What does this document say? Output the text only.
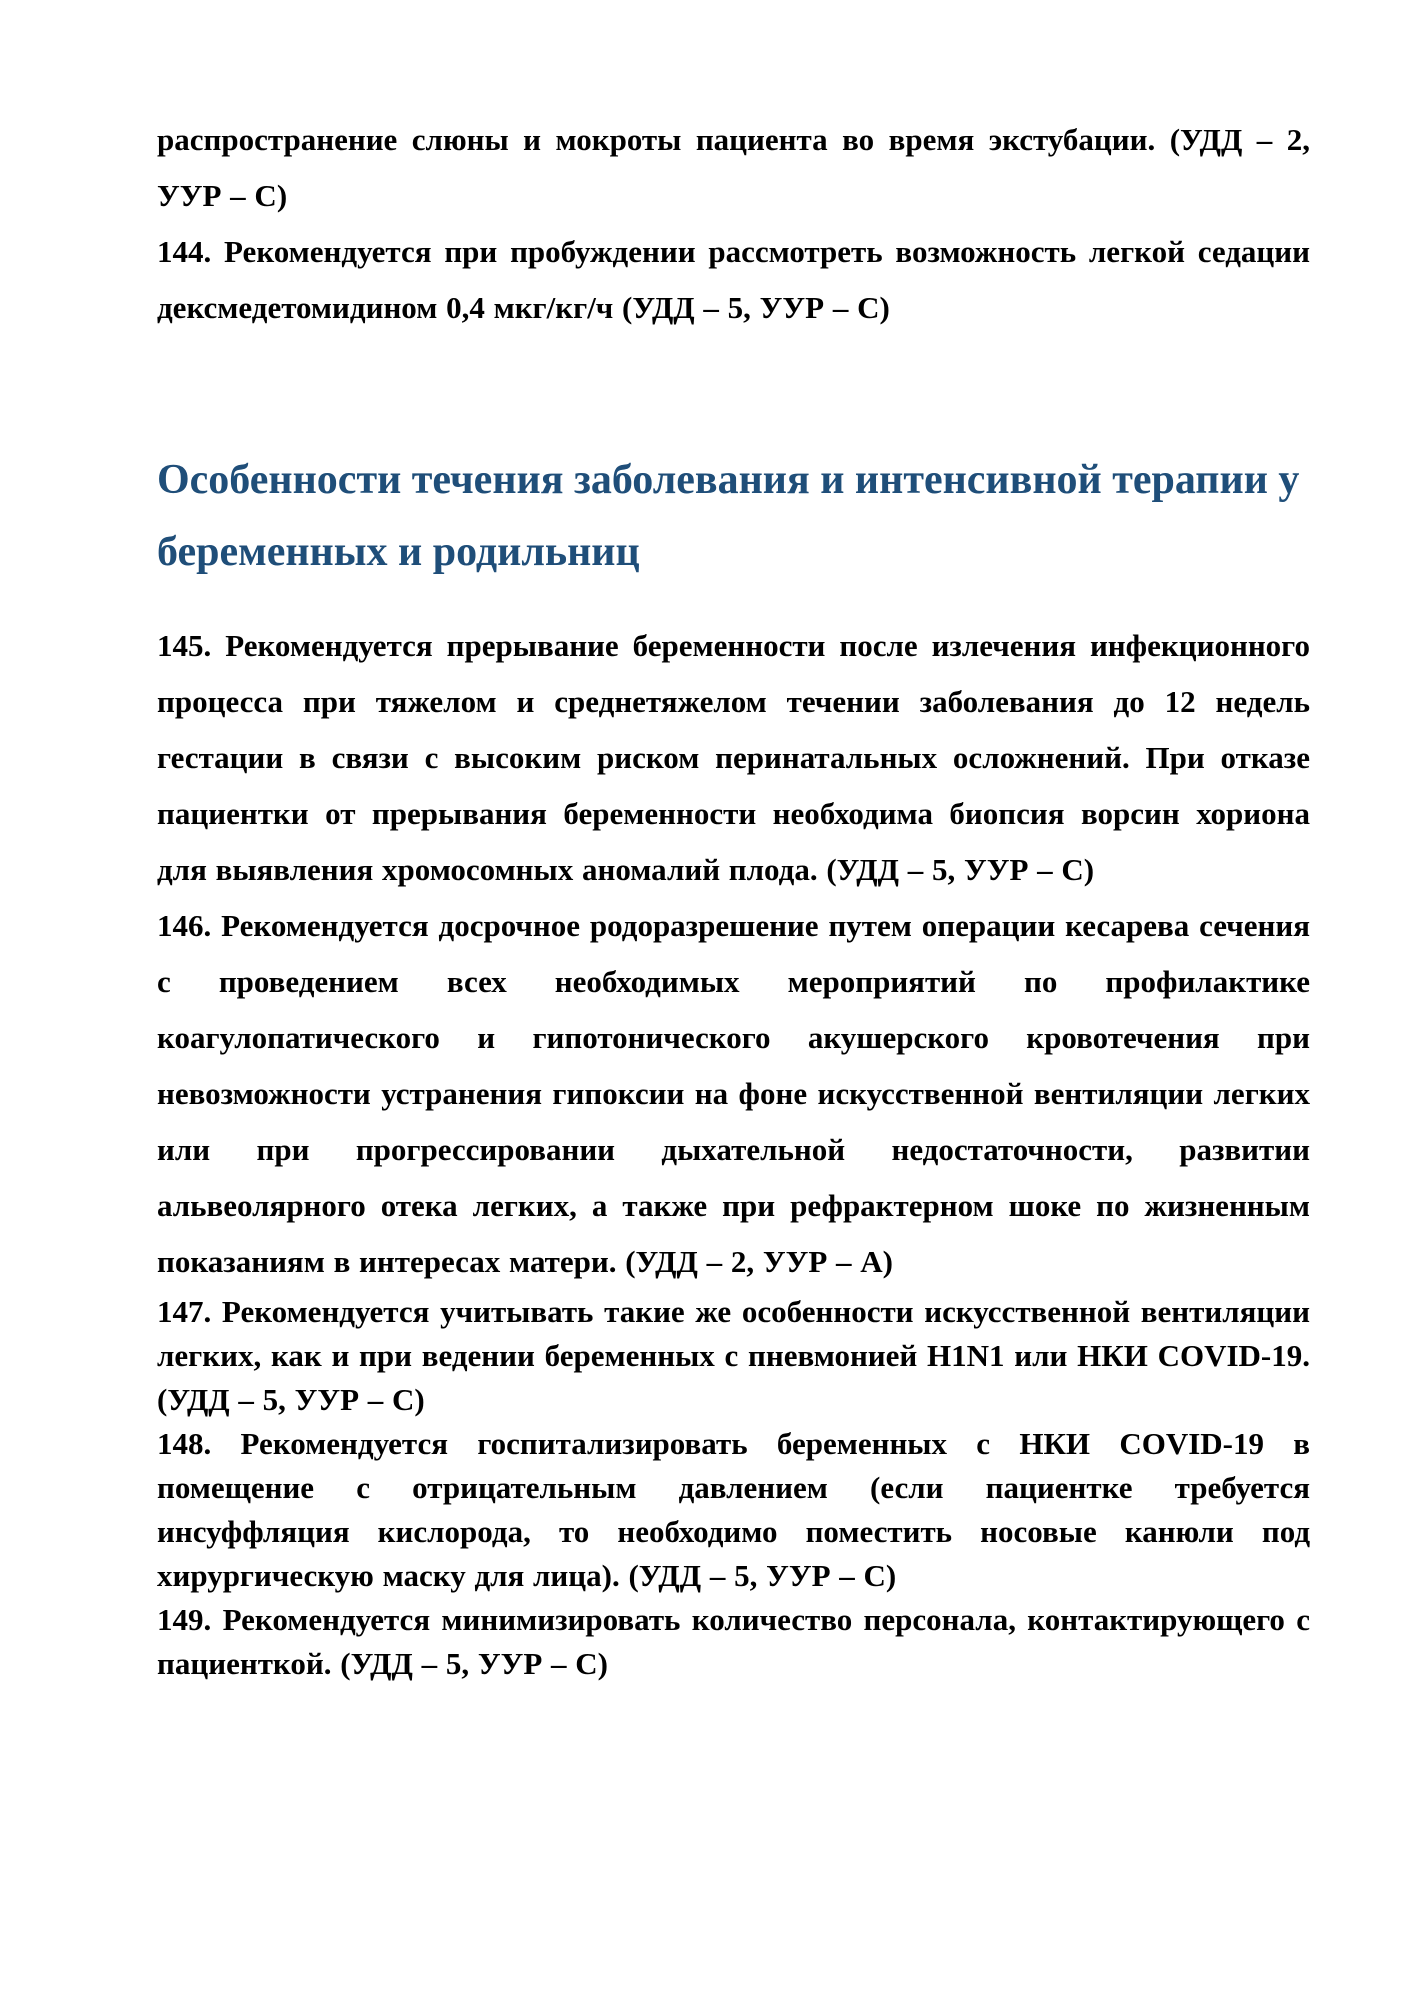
распространение слюны и мокроты пациента во время экстубации. (УДД – 2, УУР – С)

144. Рекомендуется при пробуждении рассмотреть возможность легкой седации дексмедетомидином 0,4 мкг/кг/ч (УДД – 5, УУР – С)

Особенности течения заболевания и интенсивной терапии у беременных и родильниц

145. Рекомендуется прерывание беременности после излечения инфекционного процесса при тяжелом и среднетяжелом течении заболевания до 12 недель гестации в связи с высоким риском перинатальных осложнений. При отказе пациентки от прерывания беременности необходима биопсия ворсин хориона для выявления хромосомных аномалий плода. (УДД – 5, УУР – С)

146. Рекомендуется досрочное родоразрешение путем операции кесарева сечения с проведением всех необходимых мероприятий по профилактике коагулопатического и гипотонического акушерского кровотечения при невозможности устранения гипоксии на фоне искусственной вентиляции легких или при прогрессировании дыхательной недостаточности, развитии альвеолярного отека легких, а также при рефрактерном шоке по жизненным показаниям в интересах матери. (УДД – 2, УУР – А)

147. Рекомендуется учитывать такие же особенности искусственной вентиляции легких, как и при ведении беременных с пневмонией H1N1 или НКИ COVID-19. (УДД – 5, УУР – С)

148. Рекомендуется госпитализировать беременных с НКИ COVID-19 в помещение с отрицательным давлением (если пациентке требуется инсуффляция кислорода, то необходимо поместить носовые канюли под хирургическую маску для лица). (УДД – 5, УУР – С)

149. Рекомендуется минимизировать количество персонала, контактирующего с пациенткой. (УДД – 5, УУР – С)
